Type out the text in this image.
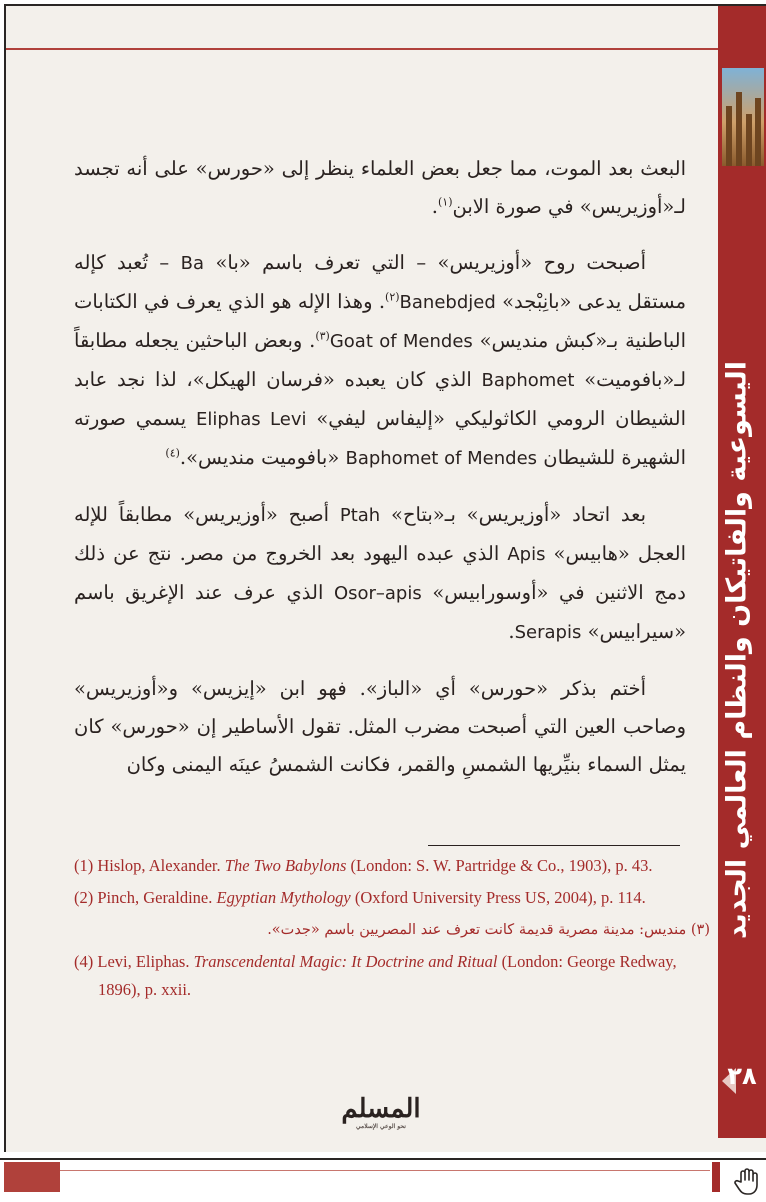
اليسوعية والفاتيكان والنظام العالمي الجديد
٢٨

البعث بعد الموت، مما جعل بعض العلماء ينظر إلى «حورس» على أنه تجسد لـ«أوزيريس» في صورة الابن$^{(١)}$.

أصبحت روح «أوزيريس» – التي تعرف باسم «با» Ba – تُعبد كإله مستقل يدعى «بانِبْجد» Banebdjed$^{(٢)}$. وهذا الإله هو الذي يعرف في الكتابات الباطنية بـ«كبش منديس» Goat of Mendes$^{(٣)}$. وبعض الباحثين يجعله مطابقاً لـ«بافوميت» Baphomet الذي كان يعبده «فرسان الهيكل»، لذا نجد عابد الشيطان الرومي الكاثوليكي «إليفاس ليفي» Eliphas Levi يسمي صورته الشهيرة للشيطان Baphomet of Mendes «بافوميت منديس».$^{(٤)}$

بعد اتحاد «أوزيريس» بـ«بتاح» Ptah أصبح «أوزيريس» مطابقاً للإله العجل «هابيس» Apis الذي عبده اليهود بعد الخروج من مصر. نتج عن ذلك دمج الاثنين في «أوسورابيس» Osor–apis الذي عرف عند الإغريق باسم «سيرابيس» Serapis.

أختم بذكر «حورس» أي «الباز». فهو ابن «إيزيس» و«أوزيريس» وصاحب العين التي أصبحت مضرب المثل. تقول الأساطير إن «حورس» كان يمثل السماء بنيِّريها الشمسِ والقمر، فكانت الشمسُ عينَه اليمنى وكان

(1) Hislop, Alexander. The Two Babylons (London: S. W. Partridge & Co., 1903), p. 43.
(2) Pinch, Geraldine. Egyptian Mythology (Oxford University Press US, 2004), p. 114.
(٣) منديس: مدينة مصرية قديمة كانت تعرف عند المصريين باسم «جدت».
(4) Levi, Eliphas. Transcendental Magic: It Doctrine and Ritual (London: George Redway, 1896), p. xxii.
المسلم
نحو الوعي الإسلامي
